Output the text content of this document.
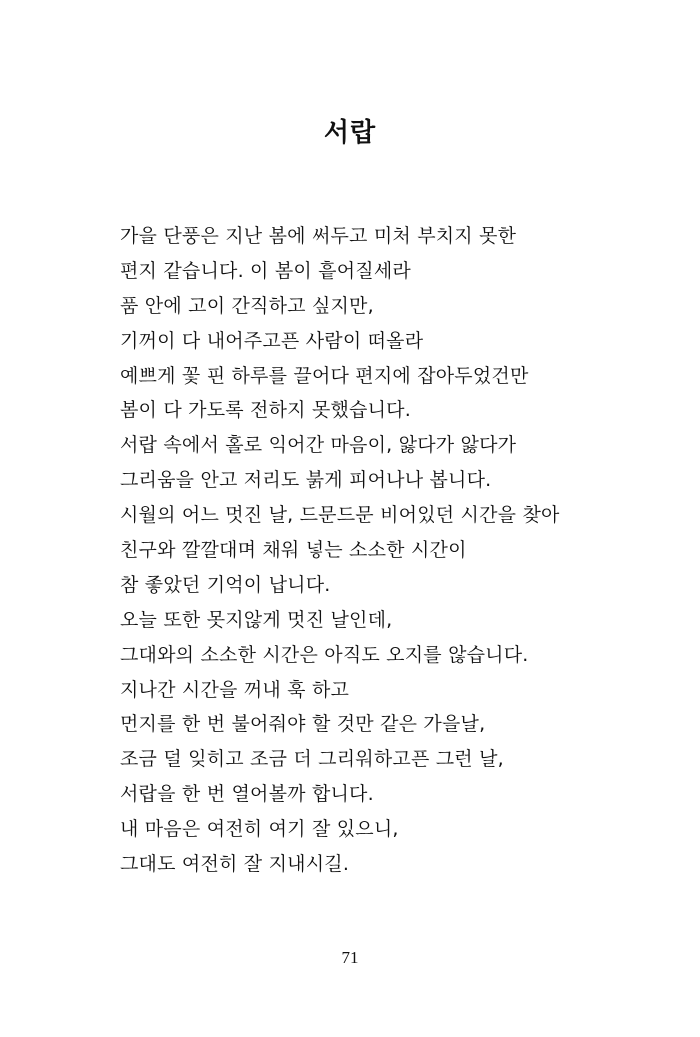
서랍
가을 단풍은 지난 봄에 써두고 미처 부치지 못한
편지 같습니다. 이 봄이 흩어질세라
품 안에 고이 간직하고 싶지만,
기꺼이 다 내어주고픈 사람이 떠올라
예쁘게 꽃 핀 하루를 끌어다 편지에 잡아두었건만
봄이 다 가도록 전하지 못했습니다.
서랍 속에서 홀로 익어간 마음이, 앓다가 앓다가
그리움을 안고 저리도 붉게 피어나나 봅니다.
시월의 어느 멋진 날, 드문드문 비어있던 시간을 찾아
친구와 깔깔대며 채워 넣는 소소한 시간이
참 좋았던 기억이 납니다.
오늘 또한 못지않게 멋진 날인데,
그대와의 소소한 시간은 아직도 오지를 않습니다.
지나간 시간을 꺼내 훅 하고
먼지를 한 번 불어줘야 할 것만 같은 가을날,
조금 덜 잊히고 조금 더 그리워하고픈 그런 날,
서랍을 한 번 열어볼까 합니다.
내 마음은 여전히 여기 잘 있으니,
그대도 여전히 잘 지내시길.
71
